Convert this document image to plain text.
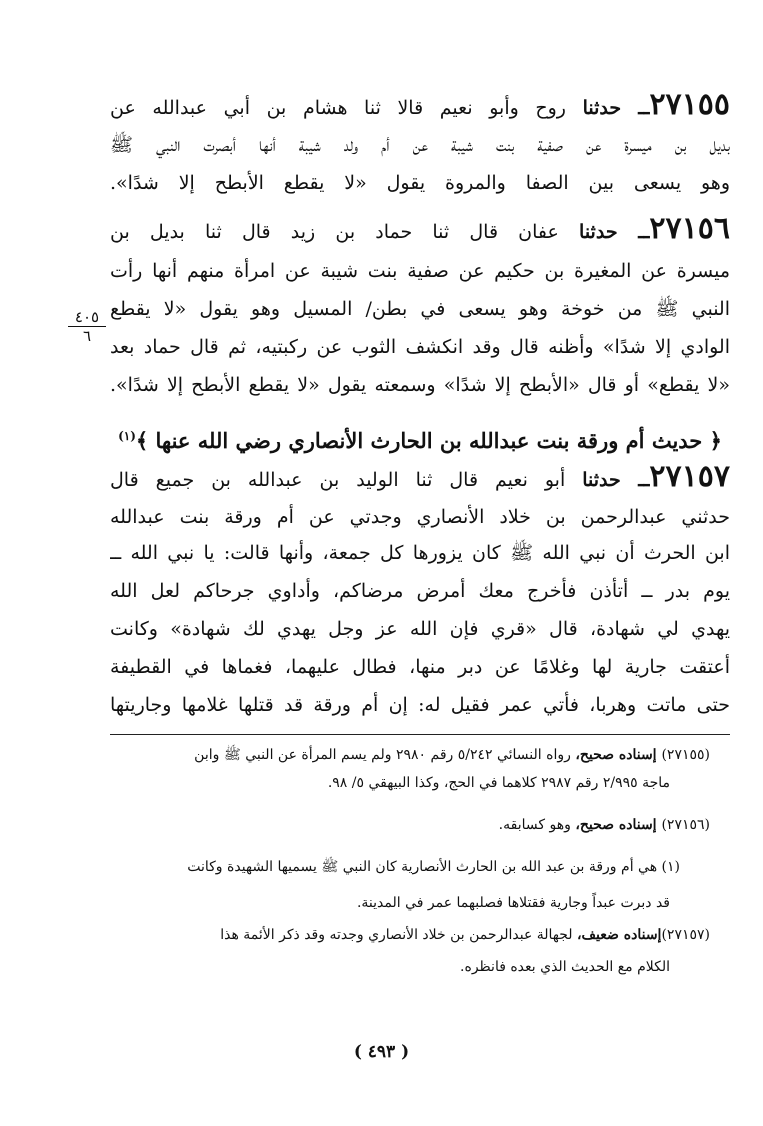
٢٧١٥٥ــ حدثنا روح وأبو نعيم قالا ثنا هشام بن أبي عبدالله عن
بديل بن ميسرة عن صفية بنت شيبة عن أم ولد شيبة أنها أبصرت النبي ﷺ
وهو يسعى بين الصفا والمروة يقول «لا يقطع الأبطح إلا شدًا».
٢٧١٥٦ــ حدثنا عفان قال ثنا حماد بن زيد قال ثنا بديل بن
ميسرة عن المغيرة بن حكيم عن صفية بنت شيبة عن امرأة منهم أنها رأت
النبي ﷺ من خوخة وهو يسعى في بطن/ المسيل وهو يقول «لا يقطع
الوادي إلا شدًا» وأظنه قال وقد انكشف الثوب عن ركبتيه، ثم قال حماد بعد
«لا يقطع» أو قال «الأبطح إلا شدًا» وسمعته يقول «لا يقطع الأبطح إلا شدًا».
٤٠٥
٦
﴿ حديث أم ورقة بنت عبدالله بن الحارث الأنصاري رضي الله عنها ﴾$^{(١)}$
٢٧١٥٧ــ حدثنا أبو نعيم قال ثنا الوليد بن عبدالله بن جميع قال
حدثني عبدالرحمن بن خلاد الأنصاري وجدتي عن أم ورقة بنت عبدالله
ابن الحرث أن نبي الله ﷺ كان يزورها كل جمعة، وأنها قالت: يا نبي الله ــ
يوم بدر ــ أتأذن فأخرج معك أمرض مرضاكم، وأداوي جرحاكم لعل الله
يهدي لي شهادة، قال «قري فإن الله عز وجل يهدي لك شهادة» وكانت
أعتقت جارية لها وغلامًا عن دبر منها، فطال عليهما، فغماها في القطيفة
حتى ماتت وهربا، فأتي عمر فقيل له: إن أم ورقة قد قتلها غلامها وجاريتها
(٢٧١٥٥) إسناده صحيح، رواه النسائي ٥/٢٤٢ رقم ٢٩٨٠ ولم يسم المرأة عن النبي ﷺ وابن
ماجة ٢/٩٩٥ رقم ٢٩٨٧ كلاهما في الحج، وكذا البيهقي ٥/ ٩٨.
(٢٧١٥٦) إسناده صحيح، وهو كسابقه.
(١) هي أم ورقة بن عبد الله بن الحارث الأنصارية كان النبي ﷺ يسميها الشهيدة وكانت
قد دبرت عبداً وجارية فقتلاها فصلبهما عمر في المدينة.
(٢٧١٥٧)إسناده ضعيف، لجهالة عبدالرحمن بن خلاد الأنصاري وجدته وقد ذكر الأئمة هذا
الكلام مع الحديث الذي بعده فانظره.
( ٤٩٣ )
